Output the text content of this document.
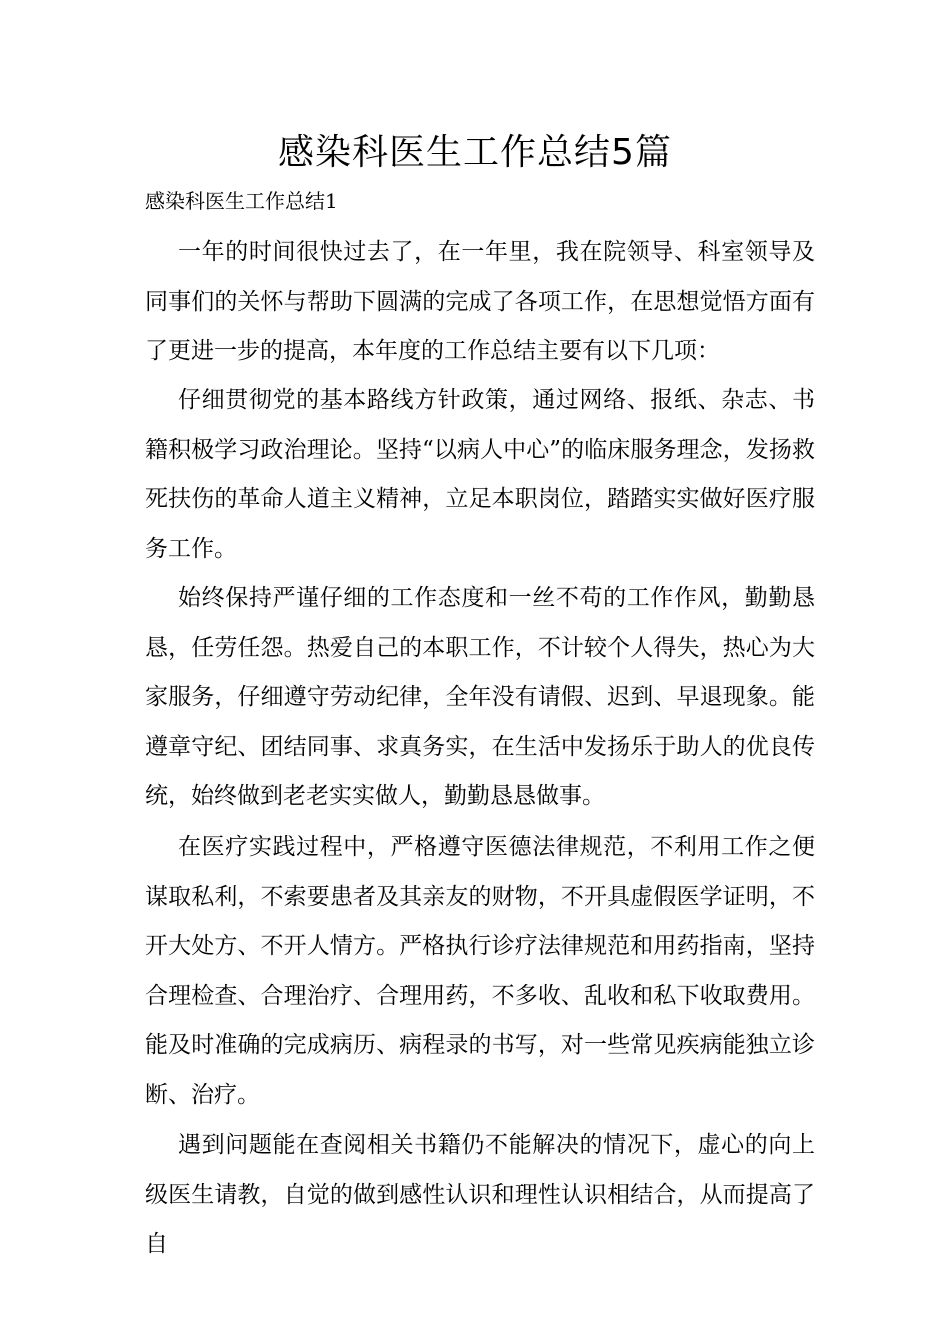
感染科医生工作总结5篇

感染科医生工作总结1

一年的时间很快过去了，在一年里，我在院领导、科室领导及同事们的关怀与帮助下圆满的完成了各项工作，在思想觉悟方面有了更进一步的提高，本年度的工作总结主要有以下几项：

仔细贯彻党的基本路线方针政策，通过网络、报纸、杂志、书籍积极学习政治理论。坚持“以病人中心”的临床服务理念，发扬救死扶伤的革命人道主义精神，立足本职岗位，踏踏实实做好医疗服务工作。

始终保持严谨仔细的工作态度和一丝不苟的工作作风，勤勤恳恳，任劳任怨。热爱自己的本职工作，不计较个人得失，热心为大家服务，仔细遵守劳动纪律，全年没有请假、迟到、早退现象。能遵章守纪、团结同事、求真务实，在生活中发扬乐于助人的优良传统，始终做到老老实实做人，勤勤恳恳做事。

在医疗实践过程中，严格遵守医德法律规范，不利用工作之便谋取私利，不索要患者及其亲友的财物，不开具虚假医学证明，不开大处方、不开人情方。严格执行诊疗法律规范和用药指南，坚持合理检查、合理治疗、合理用药，不多收、乱收和私下收取费用。能及时准确的完成病历、病程录的书写，对一些常见疾病能独立诊断、治疗。

遇到问题能在查阅相关书籍仍不能解决的情况下，虚心的向上级医生请教，自觉的做到感性认识和理性认识相结合，从而提高了自
